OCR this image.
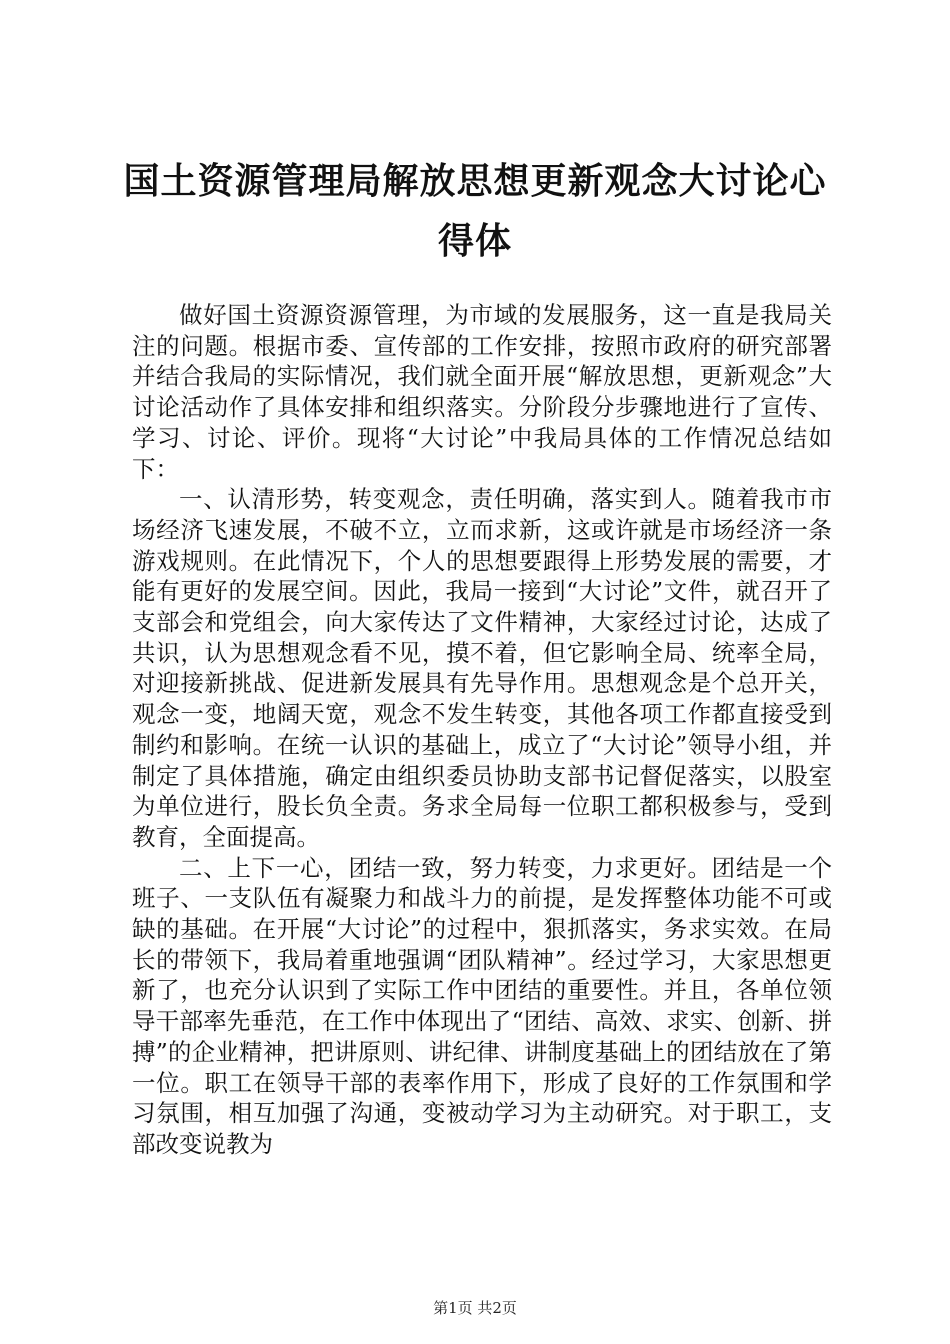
国土资源管理局解放思想更新观念大讨论心得体

做好国土资源资源管理，为市域的发展服务，这一直是我局关注的问题。根据市委、宣传部的工作安排，按照市政府的研究部署并结合我局的实际情况，我们就全面开展“解放思想，更新观念”大讨论活动作了具体安排和组织落实。分阶段分步骤地进行了宣传、学习、讨论、评价。现将“大讨论”中我局具体的工作情况总结如下：

一、认清形势，转变观念，责任明确，落实到人。随着我市市场经济飞速发展，不破不立，立而求新，这或许就是市场经济一条游戏规则。在此情况下，个人的思想要跟得上形势发展的需要，才能有更好的发展空间。因此，我局一接到“大讨论”文件，就召开了支部会和党组会，向大家传达了文件精神，大家经过讨论，达成了共识，认为思想观念看不见，摸不着，但它影响全局、统率全局，对迎接新挑战、促进新发展具有先导作用。思想观念是个总开关，观念一变，地阔天宽，观念不发生转变，其他各项工作都直接受到制约和影响。在统一认识的基础上，成立了“大讨论”领导小组，并制定了具体措施，确定由组织委员协助支部书记督促落实，以股室为单位进行，股长负全责。务求全局每一位职工都积极参与，受到教育，全面提高。

二、上下一心，团结一致，努力转变，力求更好。团结是一个班子、一支队伍有凝聚力和战斗力的前提，是发挥整体功能不可或缺的基础。在开展“大讨论”的过程中，狠抓落实，务求实效。在局长的带领下，我局着重地强调“团队精神”。经过学习，大家思想更新了，也充分认识到了实际工作中团结的重要性。并且，各单位领导干部率先垂范，在工作中体现出了“团结、高效、求实、创新、拼搏”的企业精神，把讲原则、讲纪律、讲制度基础上的团结放在了第一位。职工在领导干部的表率作用下，形成了良好的工作氛围和学习氛围，相互加强了沟通，变被动学习为主动研究。对于职工，支部改变说教为

第1页 共2页
